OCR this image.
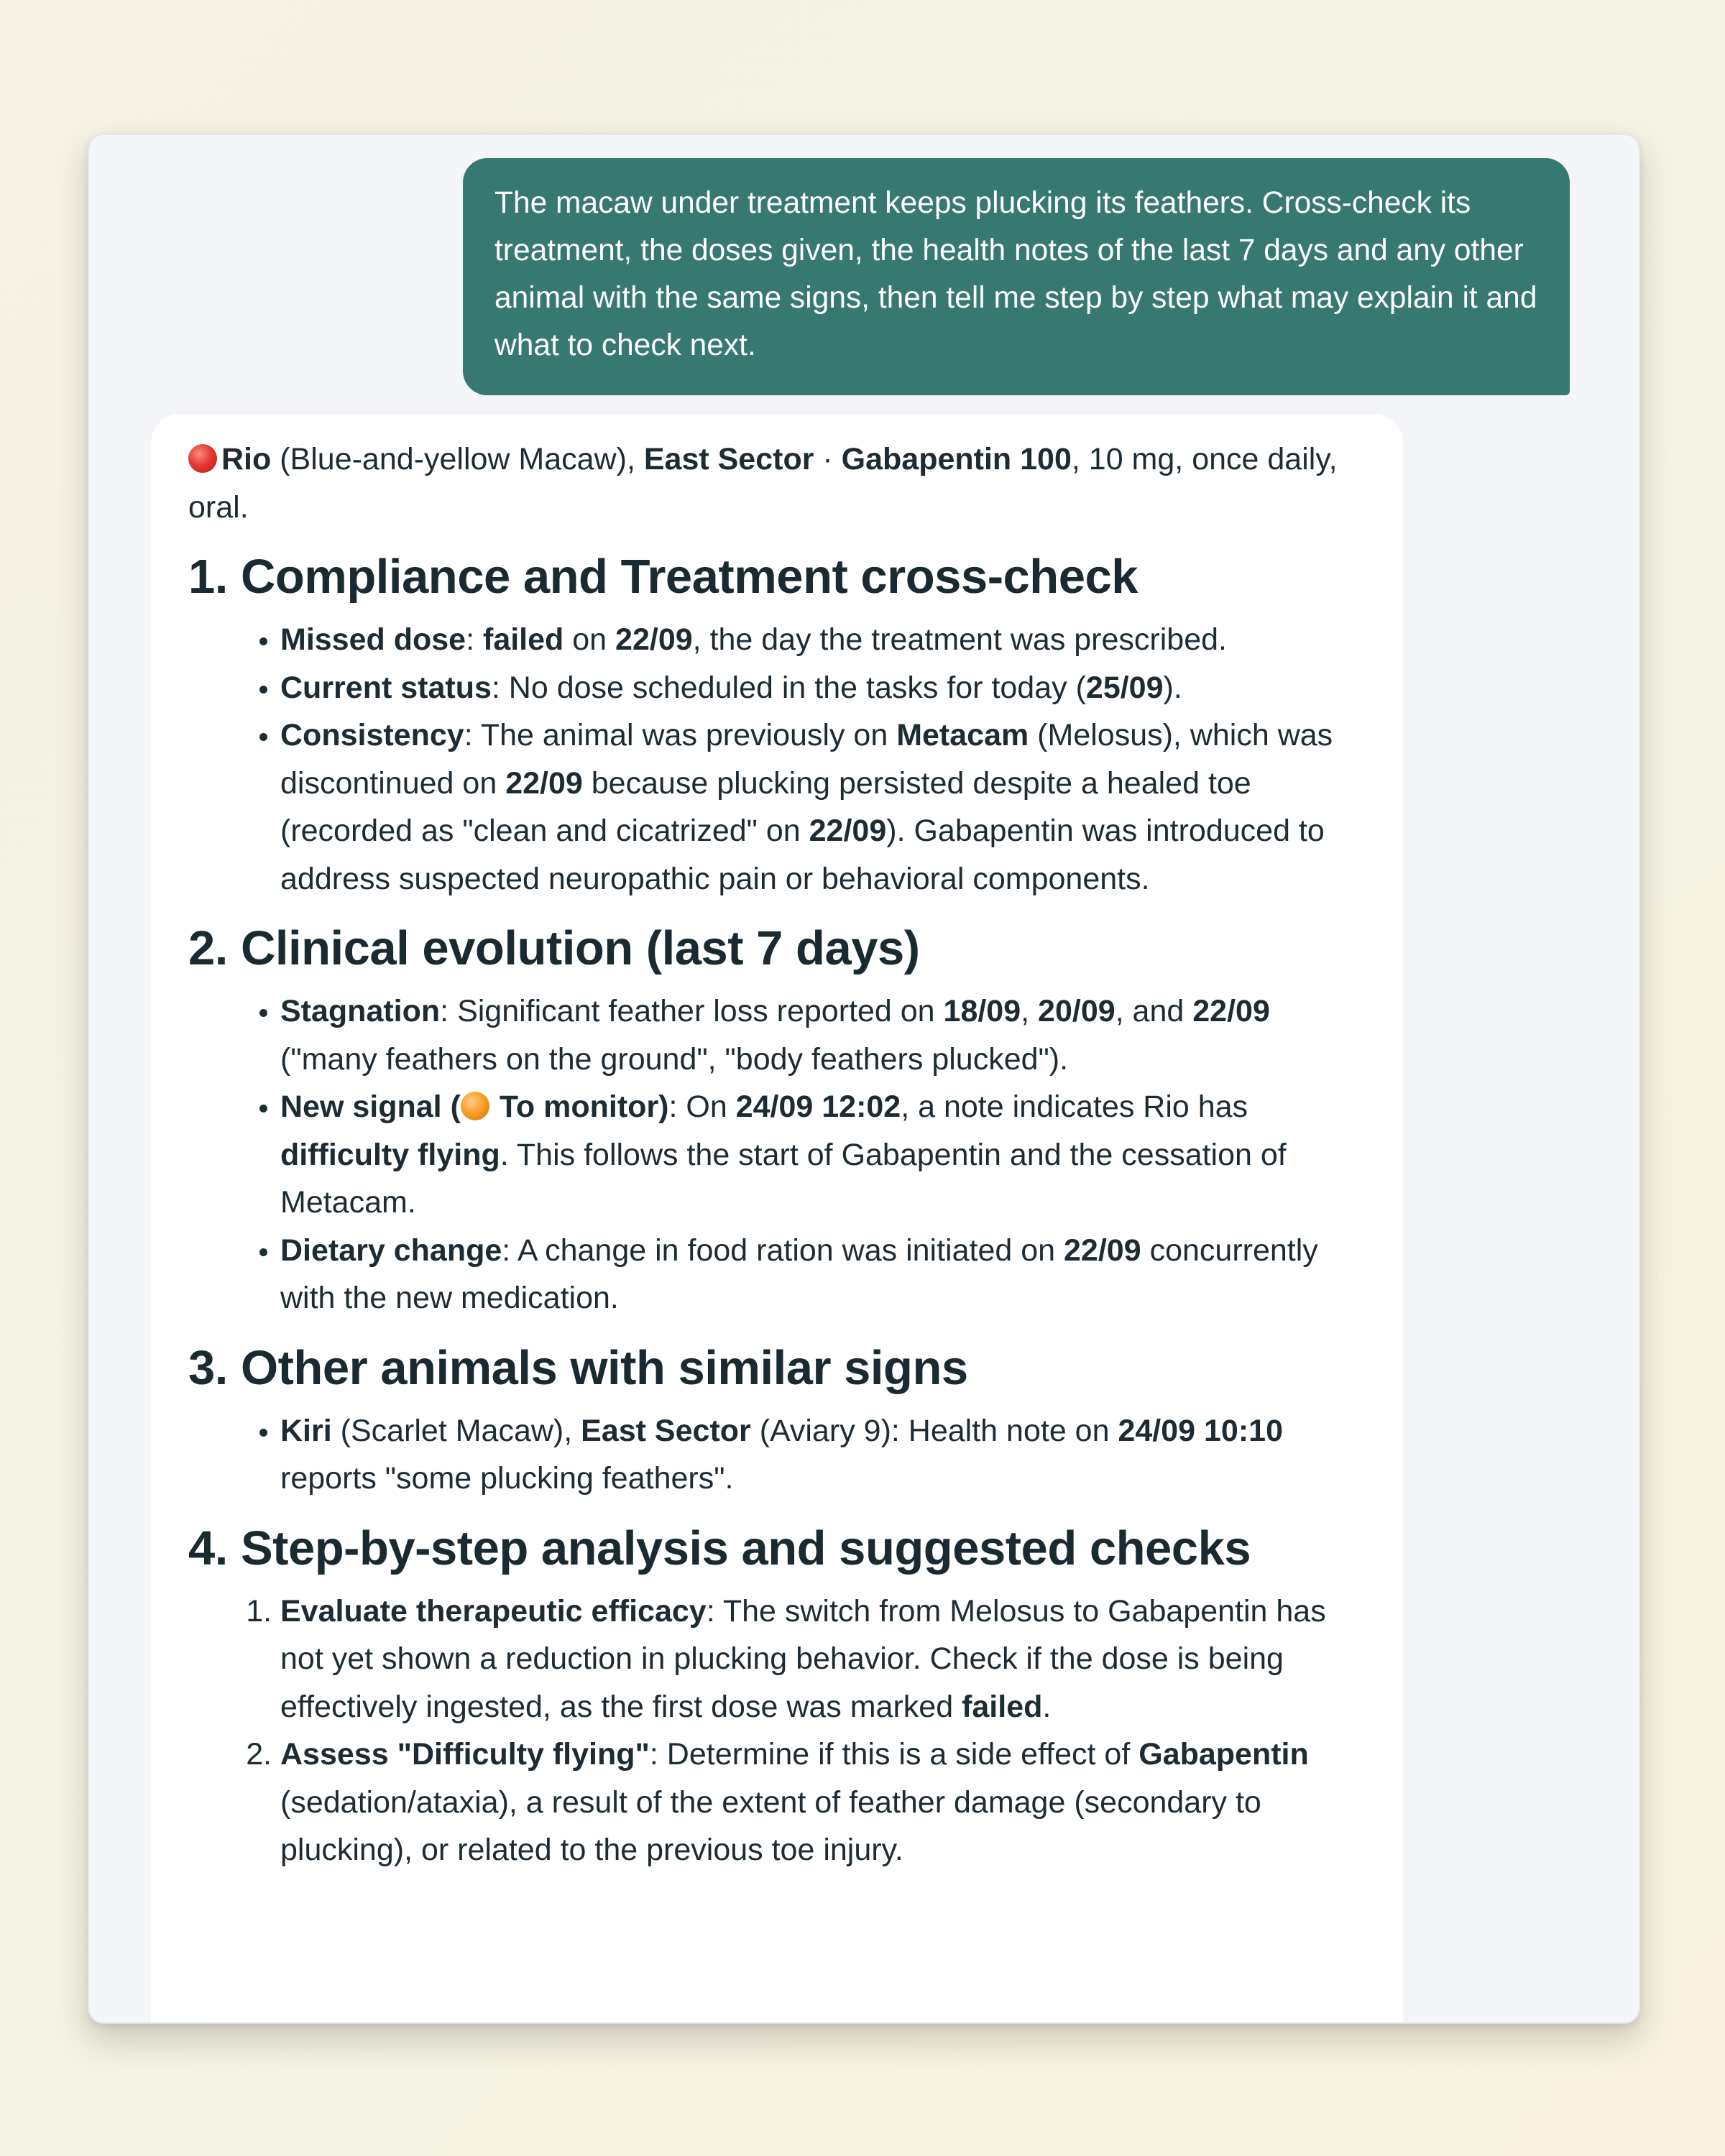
The macaw under treatment keeps plucking its feathers. Cross-check its treatment, the doses given, the health notes of the last 7 days and any other animal with the same signs, then tell me step by step what may explain it and what to check next.

Rio (Blue-and-yellow Macaw), East Sector · Gabapentin 100, 10 mg, once daily, oral.

1. Compliance and Treatment cross-check
• Missed dose: failed on 22/09, the day the treatment was prescribed.
• Current status: No dose scheduled in the tasks for today (25/09).
• Consistency: The animal was previously on Metacam (Melosus), which was discontinued on 22/09 because plucking persisted despite a healed toe (recorded as "clean and cicatrized" on 22/09). Gabapentin was introduced to address suspected neuropathic pain or behavioral components.
2. Clinical evolution (last 7 days)
• Stagnation: Significant feather loss reported on 18/09, 20/09, and 22/09 ("many feathers on the ground", "body feathers plucked").
• New signal ( To monitor): On 24/09 12:02, a note indicates Rio has difficulty flying. This follows the start of Gabapentin and the cessation of Metacam.
• Dietary change: A change in food ration was initiated on 22/09 concurrently with the new medication.
3. Other animals with similar signs
• Kiri (Scarlet Macaw), East Sector (Aviary 9): Health note on 24/09 10:10 reports "some plucking feathers".
4. Step-by-step analysis and suggested checks
1. Evaluate therapeutic efficacy: The switch from Melosus to Gabapentin has not yet shown a reduction in plucking behavior. Check if the dose is being effectively ingested, as the first dose was marked failed.
2. Assess "Difficulty flying": Determine if this is a side effect of Gabapentin (sedation/ataxia), a result of the extent of feather damage (secondary to plucking), or related to the previous toe injury.
